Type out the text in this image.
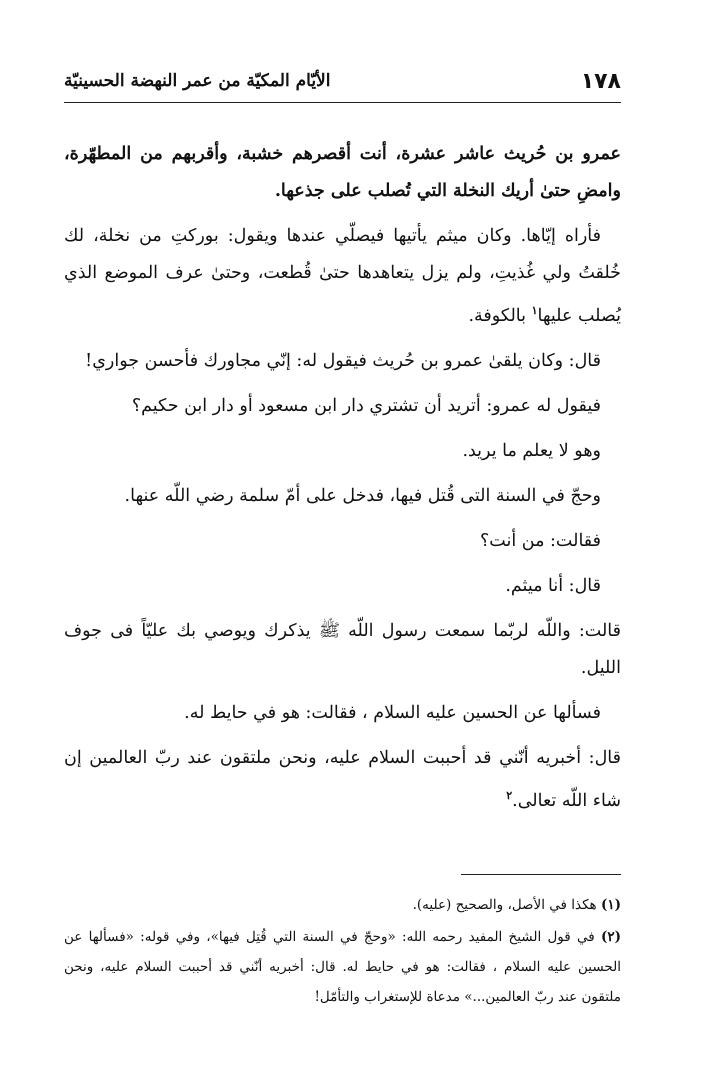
١٧٨
الأيّام المكيّة من عمر النهضة الحسينيّة

عمرو بن حُريث عاشر عشرة، أنت أقصرهم خشبة، وأقربهم من المطهّرة، وامضِ حتىٰ أريك النخلة التي تُصلب على جذعها.

فأراه إيّاها. وكان ميثم يأتيها فيصلّي عندها ويقول: بوركتِ من نخلة، لك خُلقتُ ولي غُذيتِ، ولم يزل يتعاهدها حتىٰ قُطعت، وحتىٰ عرف الموضع الذي يُصلب عليها$^١$ بالكوفة.

قال: وكان يلقىٰ عمرو بن حُريث فيقول له: إنّي مجاورك فأحسن جواري!

فيقول له عمرو: أتريد أن تشتري دار ابن مسعود أو دار ابن حكيم؟

وهو لا يعلم ما يريد.

وحجّ في السنة التى قُتل فيها، فدخل على أمّ سلمة رضي اللّه عنها.

فقالت: من أنت؟

قال: أنا ميثم.

قالت: واللّه لربّما سمعت رسول اللّه ﷺ يذكرك ويوصي بك عليّاً فى جوف الليل.

فسألها عن الحسين عليه السلام ، فقالت: هو في حايط له.

قال: أخبريه أنّني قد أحببت السلام عليه، ونحن ملتقون عند ربّ العالمين إن شاء اللّه تعالى.$^٢$

(١) هكذا في الأصل، والصحيح (عليه).

(٢) في قول الشيخ المفيد رحمه الله: «وحجّ في السنة التي قُتِل فيها»، وفي قوله: «فسألها عن الحسين عليه السلام ، فقالت: هو في حايط له. قال: أخبريه أنّني قد أحببت السلام عليه، ونحن ملتقون عند ربّ العالمين...» مدعاة للإستغراب والتأمّل!
